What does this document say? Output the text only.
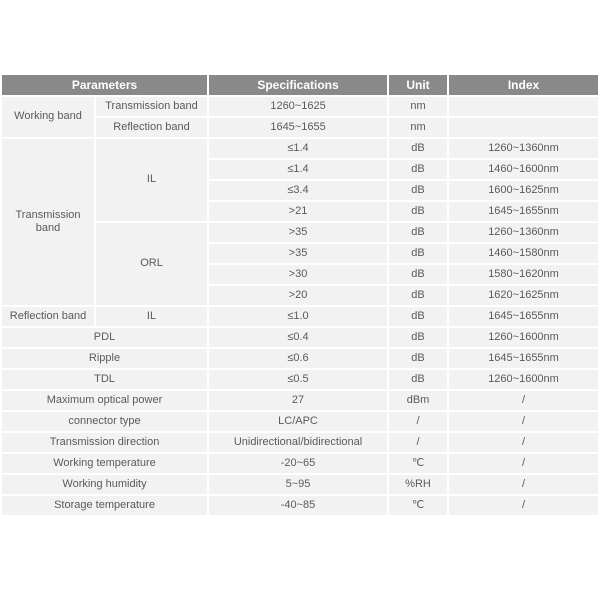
Parameters		Specifications	Unit	Index
Working band	Transmission band	1260~1625	nm	
	Reflection band	1645~1655	nm	
Transmission band	IL	≤1.4	dB	1260~1360nm
		≤1.4	dB	1460~1600nm
		≤3.4	dB	1600~1625nm
		>21	dB	1645~1655nm
	ORL	>35	dB	1260~1360nm
		>35	dB	1460~1580nm
		>30	dB	1580~1620nm
		>20	dB	1620~1625nm
Reflection band	IL	≤1.0	dB	1645~1655nm
PDL		≤0.4	dB	1260~1600nm
Ripple		≤0.6	dB	1645~1655nm
TDL		≤0.5	dB	1260~1600nm
Maximum optical power		27	dBm	/
connector type		LC/APC	/	/
Transmission direction		Unidirectional/bidirectional	/	/
Working temperature		-20~65	℃	/
Working humidity		5~95	%RH	/
Storage temperature		-40~85	℃	/
